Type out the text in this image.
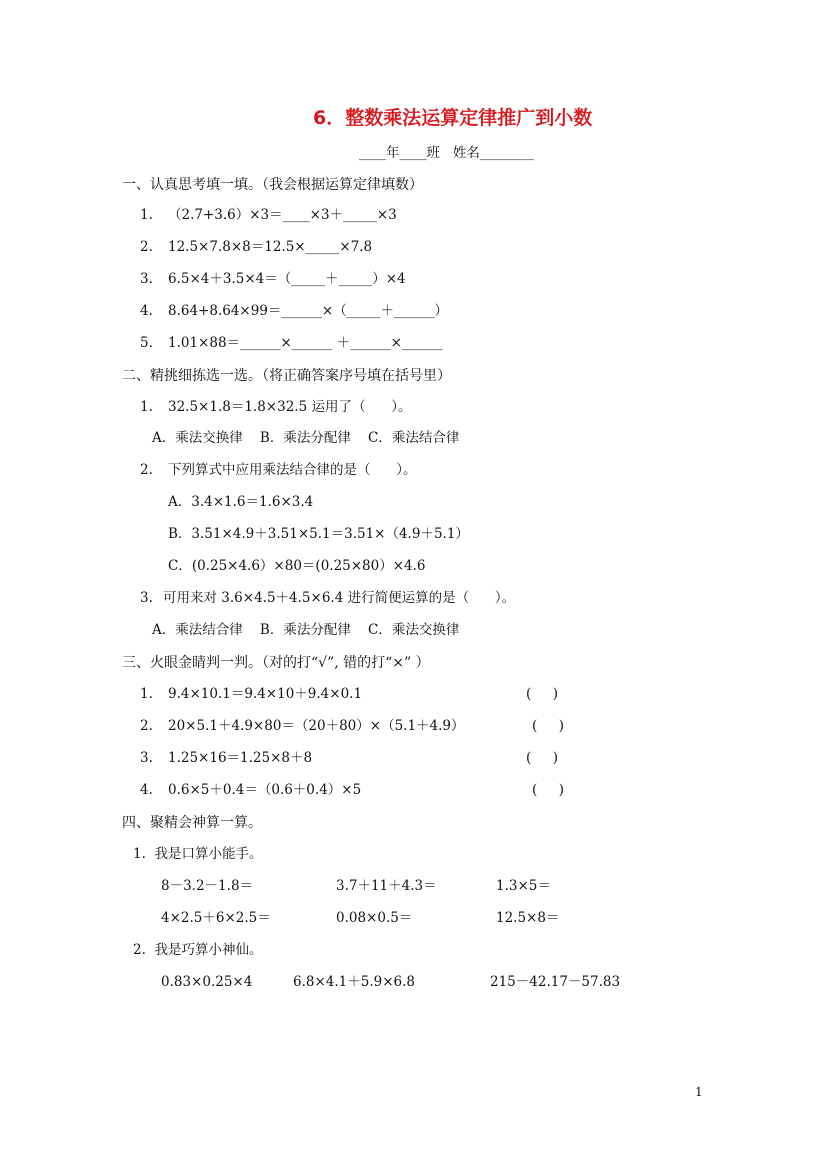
6．整数乘法运算定律推广到小数
____年____班   姓名________
一、认真思考填一填。（我会根据运算定律填数）
1. （2.7+3.6）×3＝____×3＋_____×3
2. 12.5×7.8×8＝12.5×_____×7.8
3. 6.5×4＋3.5×4＝（_____＋_____）×4
4. 8.64+8.64×99＝______×（_____＋______）
5. 1.01×88＝______×______ ＋______×______
二、精挑细拣选一选。（将正确答案序号填在括号里）
1. 32.5×1.8＝1.8×32.5 运用了（      ）。
A．乘法交换律    B．乘法分配律    C．乘法结合律
2. 下列算式中应用乘法结合律的是（      ）。
A．3.4×1.6＝1.6×3.4
B．3.51×4.9＋3.51×5.1＝3.51×（4.9＋5.1）
C．(0.25×4.6）×80＝(0.25×80）×4.6
3. 可用来对 3.6×4.5＋4.5×6.4 进行简便运算的是（      ）。
A．乘法结合律    B．乘法分配律    C．乘法交换律
三、火眼金睛判一判。（对的打“√”, 错的打“×” ）
1. 9.4×10.1＝9.4×10＋9.4×0.1	(     )
2. 20×5.1＋4.9×80＝（20＋80）×（5.1＋4.9）	(     )
3. 1.25×16＝1.25×8＋8	(     )
4. 0.6×5＋0.4＝（0.6＋0.4）×5	(     )
四、聚精会神算一算。
1.  我是口算小能手。
8－3.2－1.8＝	3.7＋11＋4.3＝	1.3×5＝
4×2.5＋6×2.5＝	0.08×0.5＝	12.5×8＝
2.  我是巧算小神仙。
0.83×0.25×4	6.8×4.1＋5.9×6.8	215－42.17－57.83
1
